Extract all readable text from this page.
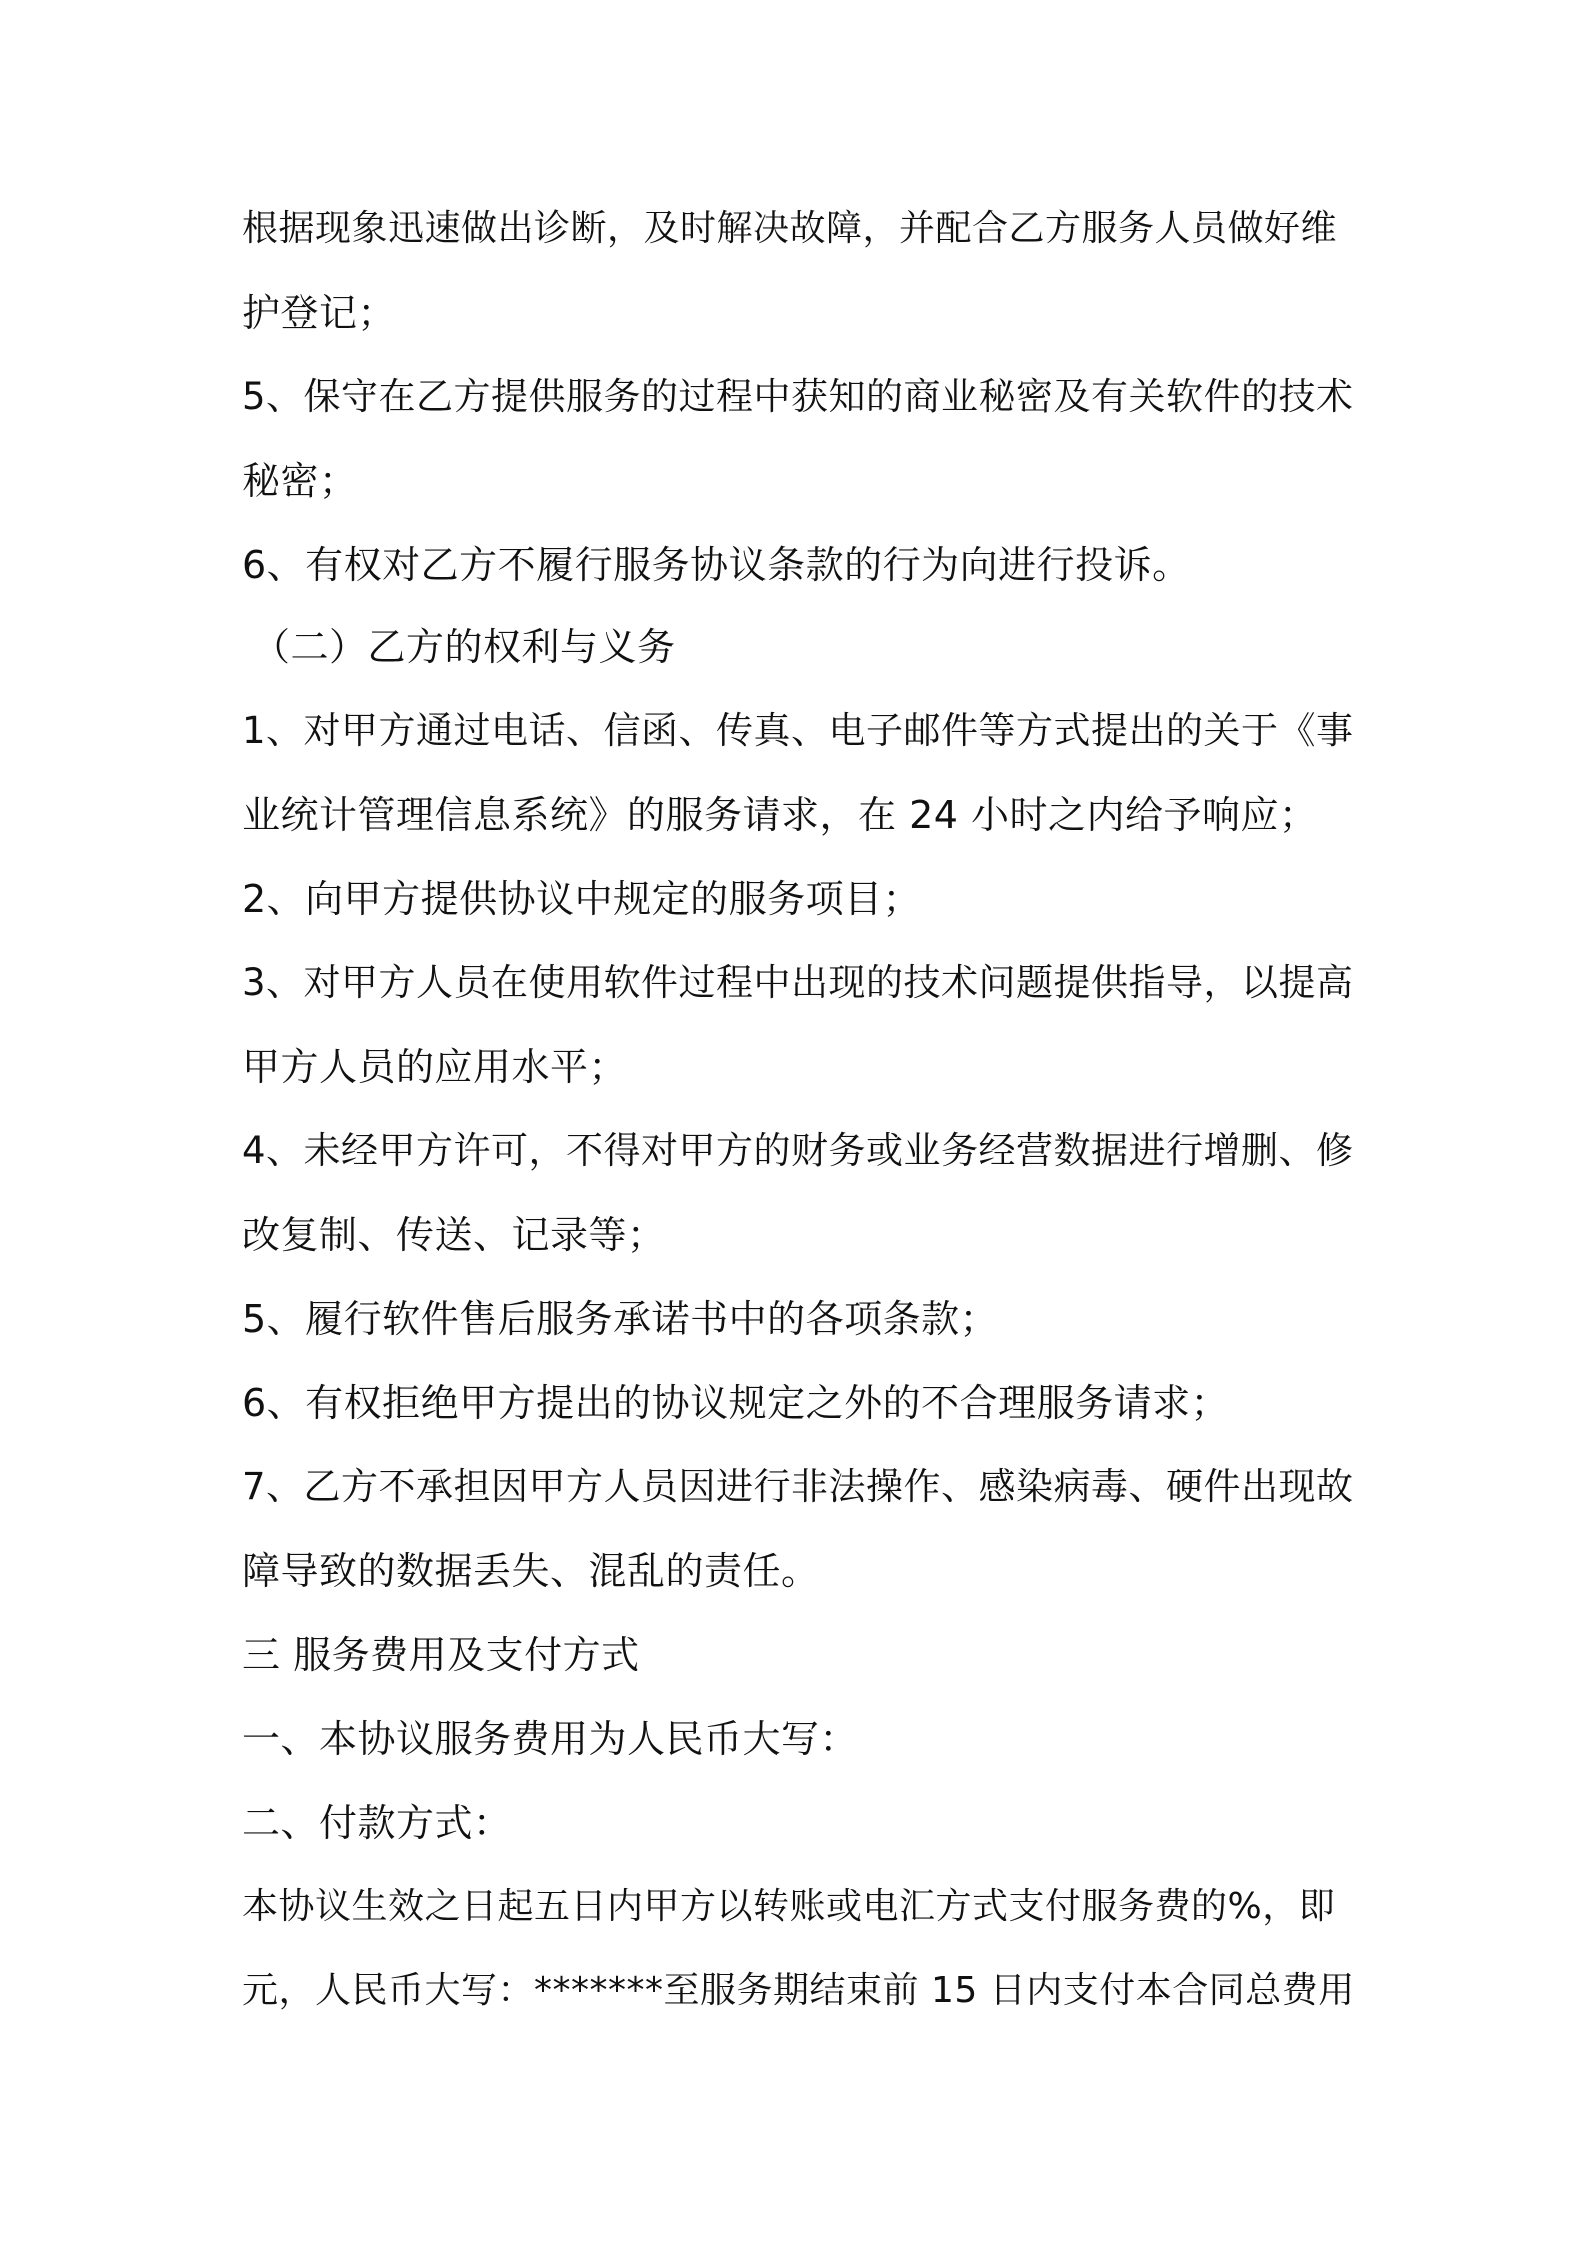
根据现象迅速做出诊断，及时解决故障，并配合乙方服务人员做好维
护登记；
5、保守在乙方提供服务的过程中获知的商业秘密及有关软件的技术
秘密；
6、有权对乙方不履行服务协议条款的行为向进行投诉。
（二）乙方的权利与义务
1、对甲方通过电话、信函、传真、电子邮件等方式提出的关于《事
业统计管理信息系统》的服务请求，在 24 小时之内给予响应；
2、向甲方提供协议中规定的服务项目；
3、对甲方人员在使用软件过程中出现的技术问题提供指导，以提高
甲方人员的应用水平；
4、未经甲方许可，不得对甲方的财务或业务经营数据进行增删、修
改复制、传送、记录等；
5、履行软件售后服务承诺书中的各项条款；
6、有权拒绝甲方提出的协议规定之外的不合理服务请求；
7、乙方不承担因甲方人员因进行非法操作、感染病毒、硬件出现故
障导致的数据丢失、混乱的责任。
三 服务费用及支付方式
一、本协议服务费用为人民币大写：
二、付款方式：
本协议生效之日起五日内甲方以转账或电汇方式支付服务费的%，即
元，人民币大写：*******至服务期结束前 15 日内支付本合同总费用
